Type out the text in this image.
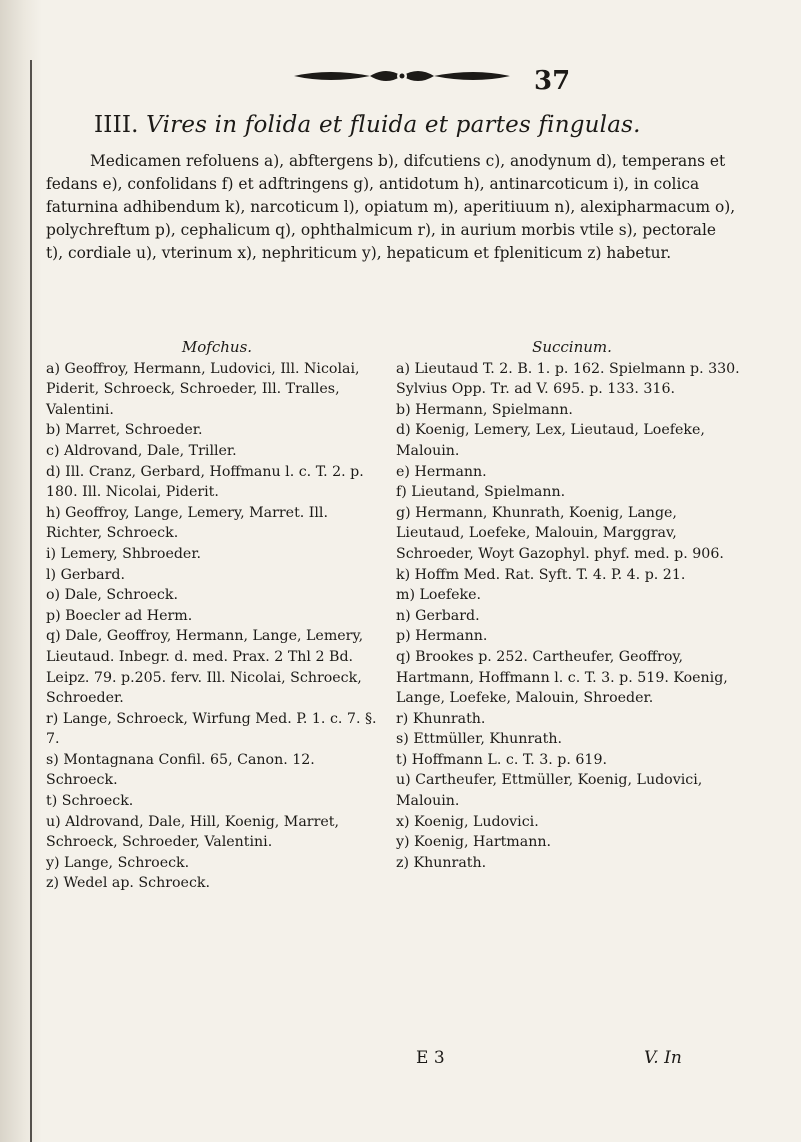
37
IIII. Vires in folida et fluida et partes fingulas.

Medicamen refoluens a), abftergens b), difcutiens c), anodynum d), temperans et fedans e), confolidans f) et adftringens g), antidotum h), antinarcoticum i), in colica faturnina adhibendum k), narcoticum l), opiatum m), aperitiuum n), alexipharmacum o), polychreftum p), cephalicum q), ophthalmicum r), in aurium morbis vtile s), pectorale t), cordiale u), vterinum x), nephriticum y), hepaticum et fpleniticum z) habetur.

Mofchus.

a) Geoffroy, Hermann, Ludovici, Ill. Nicolai, Piderit, Schroeck, Schroeder, Ill. Tralles, Valentini.

b) Marret, Schroeder.

c) Aldrovand, Dale, Triller.

d) Ill. Cranz, Gerbard, Hoffmanu l. c. T. 2. p. 180. Ill. Nicolai, Piderit.

h) Geoffroy, Lange, Lemery, Marret. Ill. Richter, Schroeck.

i) Lemery, Shbroeder.

l) Gerbard.

o) Dale, Schroeck.

p) Boecler ad Herm.

q) Dale, Geoffroy, Hermann, Lange, Lemery, Lieutaud. Inbegr. d. med. Prax. 2 Thl 2 Bd. Leipz. 79. p.205. ferv. Ill. Nicolai, Schroeck, Schroeder.

r) Lange, Schroeck, Wirfung Med. P. 1. c. 7. §. 7.

s) Montagnana Confil. 65, Canon. 12. Schroeck.

t) Schroeck.

u) Aldrovand, Dale, Hill, Koenig, Marret, Schroeck, Schroeder, Valentini.

y) Lange, Schroeck.

z) Wedel ap. Schroeck.

Succinum.

a) Lieutaud T. 2. B. 1. p. 162. Spielmann p. 330. Sylvius Opp. Tr. ad V. 695. p. 133. 316.

b) Hermann, Spielmann.

d) Koenig, Lemery, Lex, Lieutaud, Loefeke, Malouin.

e) Hermann.

f) Lieutand, Spielmann.

g) Hermann, Khunrath, Koenig, Lange, Lieutaud, Loefeke, Malouin, Marggrav, Schroeder, Woyt Gazophyl. phyf. med. p. 906.

k) Hoffm Med. Rat. Syft. T. 4. P. 4. p. 21.

m) Loefeke.

n) Gerbard.

p) Hermann.

q) Brookes p. 252. Cartheufer, Geoffroy, Hartmann, Hoffmann l. c. T. 3. p. 519. Koenig, Lange, Loefeke, Malouin, Shroeder.

r) Khunrath.

s) Ettmüller, Khunrath.

t) Hoffmann L. c. T. 3. p. 619.

u) Cartheufer, Ettmüller, Koenig, Ludovici, Malouin.

x) Koenig, Ludovici.

y) Koenig, Hartmann.

z) Khunrath.

E 3	V. In
